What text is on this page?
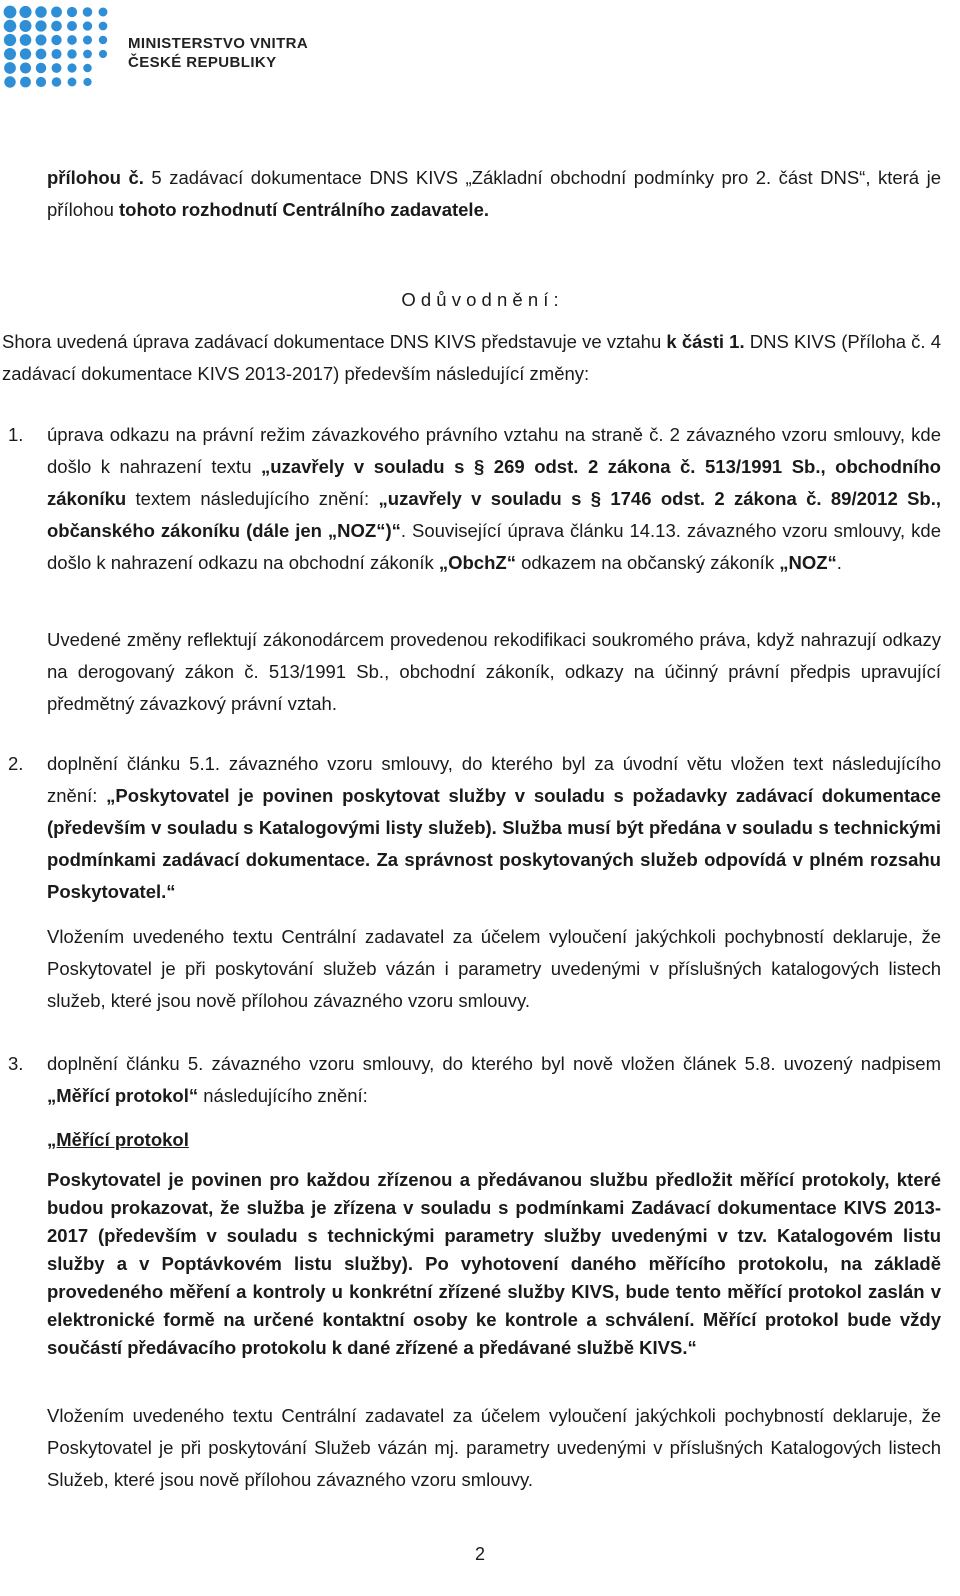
MINISTERSTVO VNITRA
ČESKÉ REPUBLIKY
přílohou č. 5 zadávací dokumentace DNS KIVS „Základní obchodní podmínky pro 2. část DNS“, která je přílohou tohoto rozhodnutí Centrálního zadavatele.
O d ů v o d n ě n í :
Shora uvedená úprava zadávací dokumentace DNS KIVS představuje ve vztahu k části 1. DNS KIVS (Příloha č. 4 zadávací dokumentace KIVS 2013-2017) především následující změny:
1. úprava odkazu na právní režim závazkového právního vztahu na straně č. 2 závazného vzoru smlouvy, kde došlo k nahrazení textu „uzavřely v souladu s § 269 odst. 2 zákona č. 513/1991 Sb., obchodního zákoníku textem následujícího znění: „uzavřely v souladu s § 1746 odst. 2 zákona č. 89/2012 Sb., občanského zákoníku (dále jen „NOZ“)“. Související úprava článku 14.13. závazného vzoru smlouvy, kde došlo k nahrazení odkazu na obchodní zákoník „ObchZ“ odkazem na občanský zákoník „NOZ“.
Uvedené změny reflektují zákonodárcem provedenou rekodifikaci soukromého práva, když nahrazují odkazy na derogovaný zákon č. 513/1991 Sb., obchodní zákoník, odkazy na účinný právní předpis upravující předmětný závazkový právní vztah.
2. doplnění článku 5.1. závazného vzoru smlouvy, do kterého byl za úvodní větu vložen text následujícího znění: „Poskytovatel je povinen poskytovat služby v souladu s požadavky zadávací dokumentace (především v souladu s Katalogovými listy služeb). Služba musí být předána v souladu s technickými podmínkami zadávací dokumentace. Za správnost poskytovaných služeb odpovídá v plném rozsahu Poskytovatel.“
Vložením uvedeného textu Centrální zadavatel za účelem vyloučení jakýchkoli pochybností deklaruje, že Poskytovatel je při poskytování služeb vázán i parametry uvedenými v příslušných katalogových listech služeb, které jsou nově přílohou závazného vzoru smlouvy.
3. doplnění článku 5. závazného vzoru smlouvy, do kterého byl nově vložen článek 5.8. uvozený nadpisem „Měřící protokol“ následujícího znění:
„Měřící protokol
Poskytovatel je povinen pro každou zřízenou a předávanou službu předložit měřící protokoly, které budou prokazovat, že služba je zřízena v souladu s podmínkami Zadávací dokumentace KIVS 2013-2017 (především v souladu s technickými parametry služby uvedenými v tzv. Katalogovém listu služby a v Poptávkovém listu služby). Po vyhotovení daného měřícího protokolu, na základě provedeného měření a kontroly u konkrétní zřízené služby KIVS, bude tento měřící protokol zaslán v elektronické formě na určené kontaktní osoby ke kontrole a schválení. Měřící protokol bude vždy součástí předávacího protokolu k dané zřízené a předávané službě KIVS.“
Vložením uvedeného textu Centrální zadavatel za účelem vyloučení jakýchkoli pochybností deklaruje, že Poskytovatel je při poskytování Služeb vázán mj. parametry uvedenými v příslušných Katalogových listech Služeb, které jsou nově přílohou závazného vzoru smlouvy.
2
